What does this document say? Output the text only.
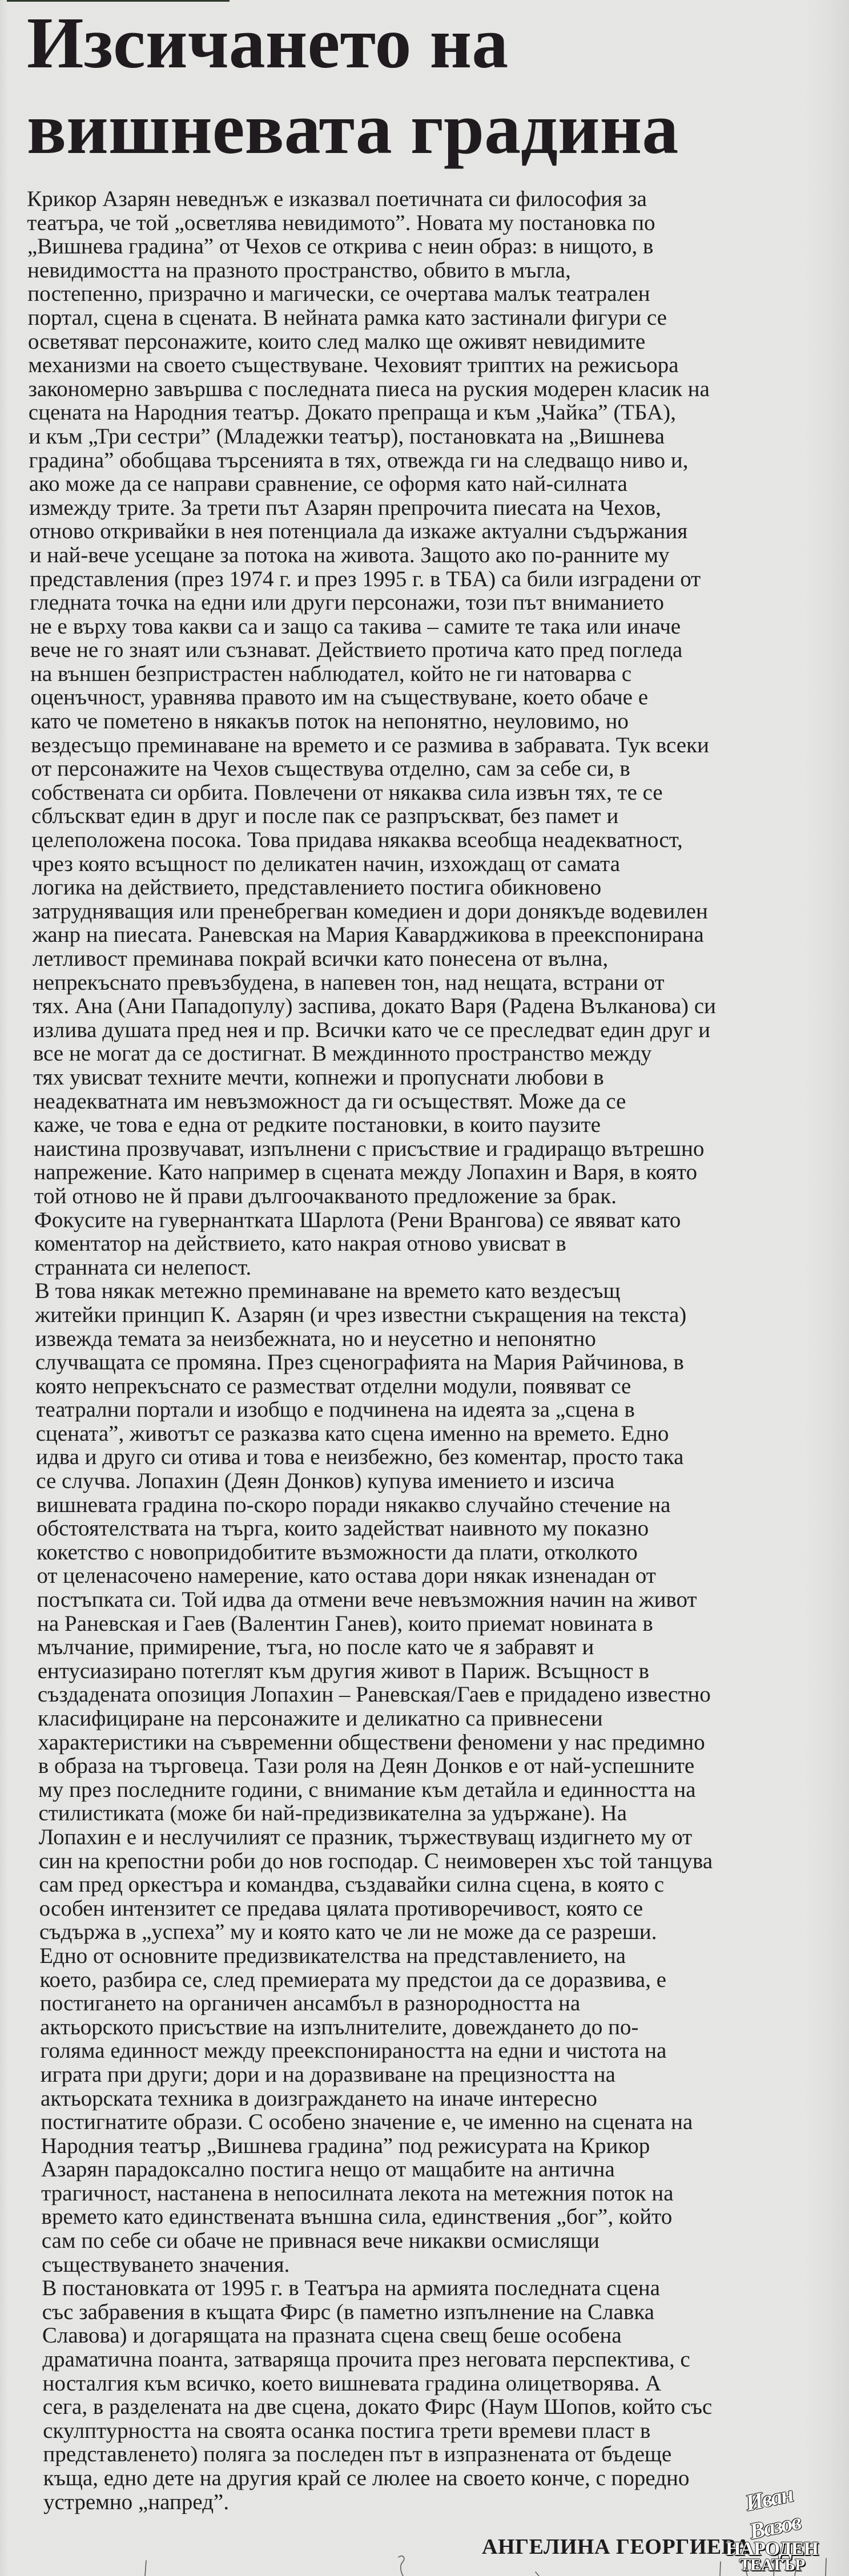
Изсичането на
вишневата градина
Крикор Азарян неведнъж е изказвал поетичната си философия за
театъра, че той „осветлява невидимото”. Новата му постановка по
„Вишнева градина” от Чехов се открива с неин образ: в нищото, в
невидимостта на празното пространство, обвито в мъгла,
постепенно, призрачно и магически, се очертава малък театрален
портал, сцена в сцената. В нейната рамка като застинали фигури се
осветяват персонажите, които след малко ще оживят невидимите
механизми на своето съществуване. Чеховият триптих на режисьора
закономерно завършва с последната пиеса на руския модерен класик на
сцената на Народния театър. Докато препраща и към „Чайка” (ТБА),
и към „Три сестри” (Младежки театър), постановката на „Вишнева
градина” обобщава търсенията в тях, отвежда ги на следващо ниво и,
ако може да се направи сравнение, се оформя като най-силната
измежду трите. За трети път Азарян препрочита пиесата на Чехов,
отново откривайки в нея потенциала да изкаже актуални съдържания
и най-вече усещане за потока на живота. Защото ако по-ранните му
представления (през 1974 г. и през 1995 г. в ТБА) са били изградени от
гледната точка на едни или други персонажи, този път вниманието
не е върху това какви са и защо са такива – самите те така или иначе
вече не го знаят или съзнават. Действието протича като пред погледа
на външен безпристрастен наблюдател, който не ги натоварва с
оценъчност, уравнява правото им на съществуване, което обаче е
като че пометено в някакъв поток на непонятно, неуловимо, но
вездесъщо преминаване на времето и се размива в забравата. Тук всеки
от персонажите на Чехов съществува отделно, сам за себе си, в
собствената си орбита. Повлечени от някаква сила извън тях, те се
сблъскват един в друг и после пак се разпръскват, без памет и
целеположена посока. Това придава някаква всеобща неадекватност,
чрез която всъщност по деликатен начин, изхождащ от самата
логика на действието, представлението постига обикновено
затрудняващия или пренебрегван комедиен и дори донякъде водевилен
жанр на пиесата. Раневская на Мария Каварджикова в преекспонирана
летливост преминава покрай всички като понесена от вълна,
непрекъснато превъзбудена, в напевен тон, над нещата, встрани от
тях. Ана (Ани Пападопулу) заспива, докато Варя (Радена Вълканова) си
излива душата пред нея и пр. Всички като че се преследват един друг и
все не могат да се достигнат. В междинното пространство между
тях увисват техните мечти, копнежи и пропуснати любови в
неадекватната им невъзможност да ги осъществят. Може да се
каже, че това е една от редките постановки, в които паузите
наистина прозвучават, изпълнени с присъствие и градиращо вътрешно
напрежение. Като например в сцената между Лопахин и Варя, в която
той отново не й прави дългоочакваното предложение за брак.
Фокусите на гувернантката Шарлота (Рени Врангова) се явяват като
коментатор на действието, като накрая отново увисват в
странната си нелепост.
В това някак метежно преминаване на времето като вездесъщ
житейки принцип К. Азарян (и чрез известни съкращения на текста)
извежда темата за неизбежната, но и неусетно и непонятно
случващата се промяна. През сценографията на Мария Райчинова, в
която непрекъснато се разместват отделни модули, появяват се
театрални портали и изобщо е подчинена на идеята за „сцена в
сцената”, животът се разказва като сцена именно на времето. Едно
идва и друго си отива и това е неизбежно, без коментар, просто така
се случва. Лопахин (Деян Донков) купува имението и изсича
вишневата градина по-скоро поради някакво случайно стечение на
обстоятелствата на търга, които задействат наивното му показно
кокетство с новопридобитите възможности да плати, отколкото
от целенасочено намерение, като остава дори някак изненадан от
постъпката си. Той идва да отмени вече невъзможния начин на живот
на Раневская и Гаев (Валентин Ганев), които приемат новината в
мълчание, примирение, тъга, но после като че я забравят и
ентусиазирано потеглят към другия живот в Париж. Всъщност в
създадената опозиция Лопахин – Раневская/Гаев е придадено известно
класифициране на персонажите и деликатно са привнесени
характеристики на съвременни обществени феномени у нас предимно
в образа на търговеца. Тази роля на Деян Донков е от най-успешните
му през последните години, с внимание към детайла и единността на
стилистиката (може би най-предизвикателна за удържане). На
Лопахин е и неслучилият се празник, тържествуващ издигнето му от
син на крепостни роби до нов господар. С неимоверен хъс той танцува
сам пред оркестъра и командва, създавайки силна сцена, в която с
особен интензитет се предава цялата противоречивост, която се
съдържа в „успеха” му и която като че ли не може да се разреши.
Едно от основните предизвикателства на представлението, на
което, разбира се, след премиерата му предстои да се доразвива, е
постигането на органичен ансамбъл в разнородността на
актьорското присъствие на изпълнителите, довеждането до по-
голяма единност между преекспонираността на едни и чистота на
играта при други; дори и на доразвиване на прецизността на
актьорската техника в доизграждането на иначе интересно
постигнатите образи. С особено значение е, че именно на сцената на
Народния театър „Вишнева градина” под режисурата на Крикор
Азарян парадоксално постига нещо от мащабите на антична
трагичност, настанена в непосилната лекота на метежния поток на
времето като единствената външна сила, единствения „бог”, който
сам по себе си обаче не привнася вече никакви осмислящи
съществуването значения.
В постановката от 1995 г. в Театъра на армията последната сцена
със забравения в къщата Фирс (в паметно изпълнение на Славка
Славова) и догарящата на празната сцена свещ беше особена
драматична поанта, затваряща прочита през неговата перспектива, с
носталгия към всичко, което вишневата градина олицетворява. А
сега, в разделената на две сцена, докато Фирс (Наум Шопов, който със
скулптурността на своята осанка постига трети времеви пласт в
представленето) поляга за последен път в изпразнената от бъдеще
къща, едно дете на другия край се люлее на своето конче, с поредно
устремно „напред”.
АНГЕЛИНА ГЕОРГИЕВА
Иван Вазов
НАРОДЕН
ТЕАТЪР
